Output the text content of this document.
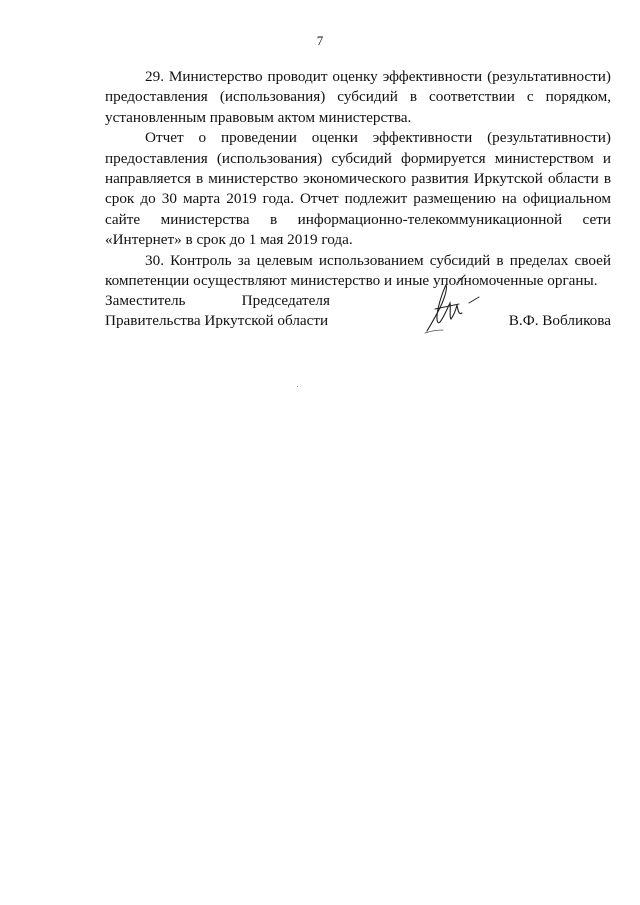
7

29. Министерство проводит оценку эффективности (результативности) предоставления (использования) субсидий в соответствии с порядком, установленным правовым актом министерства.

Отчет о проведении оценки эффективности (результативности) предоставления (использования) субсидий формируется министерством и направляется в министерство экономического развития Иркутской области в срок до 30 марта 2019 года. Отчет подлежит размещению на официальном сайте министерства в информационно-телекоммуникационной сети «Интернет» в срок до 1 мая 2019 года.

30. Контроль за целевым использованием субсидий в пределах своей компетенции осуществляют министерство и иные уполномоченные органы.

Заместитель	Председателя
Правительства Иркутской области	В.Ф. Вобликова
